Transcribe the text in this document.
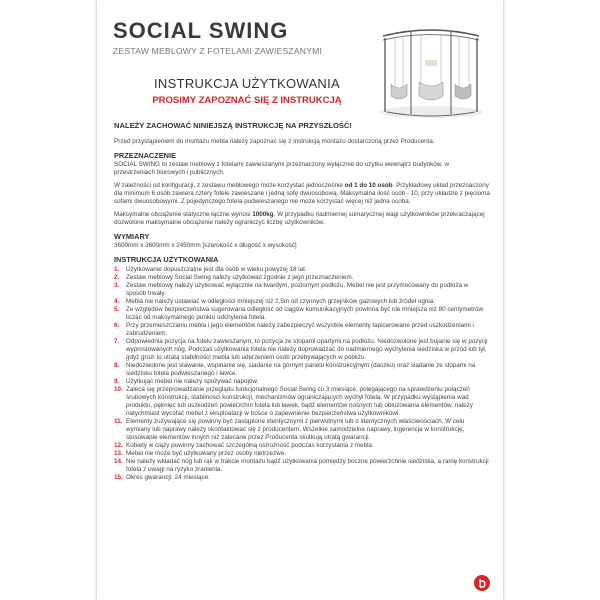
SOCIAL SWING
ZESTAW MEBLOWY Z FOTELAMI ZAWIESZANYMI
INSTRUKCJA UŻYTKOWANIA
PROSIMY ZAPOZNAĆ SIĘ Z INSTRUKCJĄ
NALEŻY ZACHOWAĆ NINIEJSZĄ INSTRUKCJĘ NA PRZYSZŁOŚĆ!

Przed przystąpieniem do montażu mebla należy zapoznać się z instrukcją montażu dostarczoną przez Producenta.

PRZEZNACZENIE

SOCIAL SWING to zestaw meblowy z fotelami zawieszanymi przeznaczony wyłącznie do użytku wewnątrz budynków, w przestrzeniach biurowych i publicznych.

W zależności od konfiguracji, z zestawu meblowego może korzystać jednocześnie od 1 do 10 osób. Przykładowy układ przeznaczony dla minimum 6 osób zawiera cztery fotele zawieszane i jedną sofę dwuosobową. Maksymalna ilość osób - 10, przy układzie z pięcioma sofami dwuosobowymi. Z pojedynczego fotela podwieszanego nie może korzystać więcej niż jedna osoba.

Maksymalne obciążenie statyczne łączne wynosi 1000kg. W przypadku nadmiernej sumarycznej wagi użytkowników przekraczającej dozwolone maksymalne obciążenie należy ograniczyć liczbę użytkowników.

WYMIARY

3600mm x 3600mm x 2450mm [szerokość x długość x wysokość]

INSTRUKCJA UŻYTKOWANIA
1.	Użytkowanie dopuszczalne jest dla osób w wieku powyżej 18 lat.
2.	Zestaw meblowy Social Swing należy użytkować zgodnie z jego przeznaczeniem.
3.	Zestaw meblowy należy użytkować wyłącznie na twardym, poziomym podłożu. Mebel nie jest przymocowany do podłoża w sposób trwały.
4.	Mebla nie należy ustawiać w odległości mniejszej niż 2,5m od czynnych grzejników gazowych lub źródeł ognia.
5.	Ze względów bezpieczeństwa sugerowana odległość od ciągów komunikacyjnych powinna być nie mniejsza niż 80 centymetrów licząc od maksymalnego punktu odchylenia fotela.
6.	Przy przemieszczaniu mebla i jego elementów należy zabezpieczyć wszystkie elementy tapicerowane przed uszkodzeniami i zabrudzeniem.
7.	Odpowiednia pozycja na fotelu zawieszanym, to pozycja ze stopami opartymi na podłożu. Niedozwolone jest bujanie się w pozycji wyprostowanych nóg. Podczas użytkowania fotela nie należy doprowadzać do nadmiernego wychylenia siedziska w przód lub tył, gdyż grozi to utratą stabilności mebla lub uderzeniem osób przebywających w pobliżu.
8.	Niedozwolone jest stawanie, wspinanie się, siadanie na górnym panelu konstrukcyjnym (daszku) oraz siadanie ze stopami na siedzisku fotela podwieszanego i ławce.
9.	Użytkując mebel nie należy spożywać napojów.
10. Zaleca się przeprowadzanie przeglądu funkcjonalnego Social Swing co 3 miesiące, polegającego na sprawdzeniu połączeń śrubowych konstrukcji, stabilności konstrukcji, mechanizmów ograniczających wychył fotela. W przypadku wystąpienia wad produktu, pęknięć lub uszkodzeń powierzchni fotela lub ławek, bądź elementów nośnych lub obluzowania elementów, należy natychmiast wycofać mebel z eksploatacji w trosce o zapewnienie bezpieczeństwa użytkownikowi.
11. Elementy zużywające się powinny być zastąpione identycznymi z pierwotnymi lub o identycznych właściwościach. W celu wymiany lub naprawy należy skontaktować się z producentem. Wszelkie samodzielne naprawy, ingerencja w konstrukcję, stosowanie elementów innych niż zalecane przez Producenta skutkują utratą gwarancji.
12. Kobiety w ciąży powinny zachować szczególną ostrożność podczas korzystania z mebla.
13. Mebel nie może być użytkowany przez osoby nietrzeźwe.
14. Nie należy wkładać nóg lub rąk w trakcie montażu bądź użytkowania pomiędzy boczne powierzchnie siedziska, a ramę konstrukcji fotela z uwagi na ryzyko zranienia.
15. Okres gwarancji: 24 miesiące.
